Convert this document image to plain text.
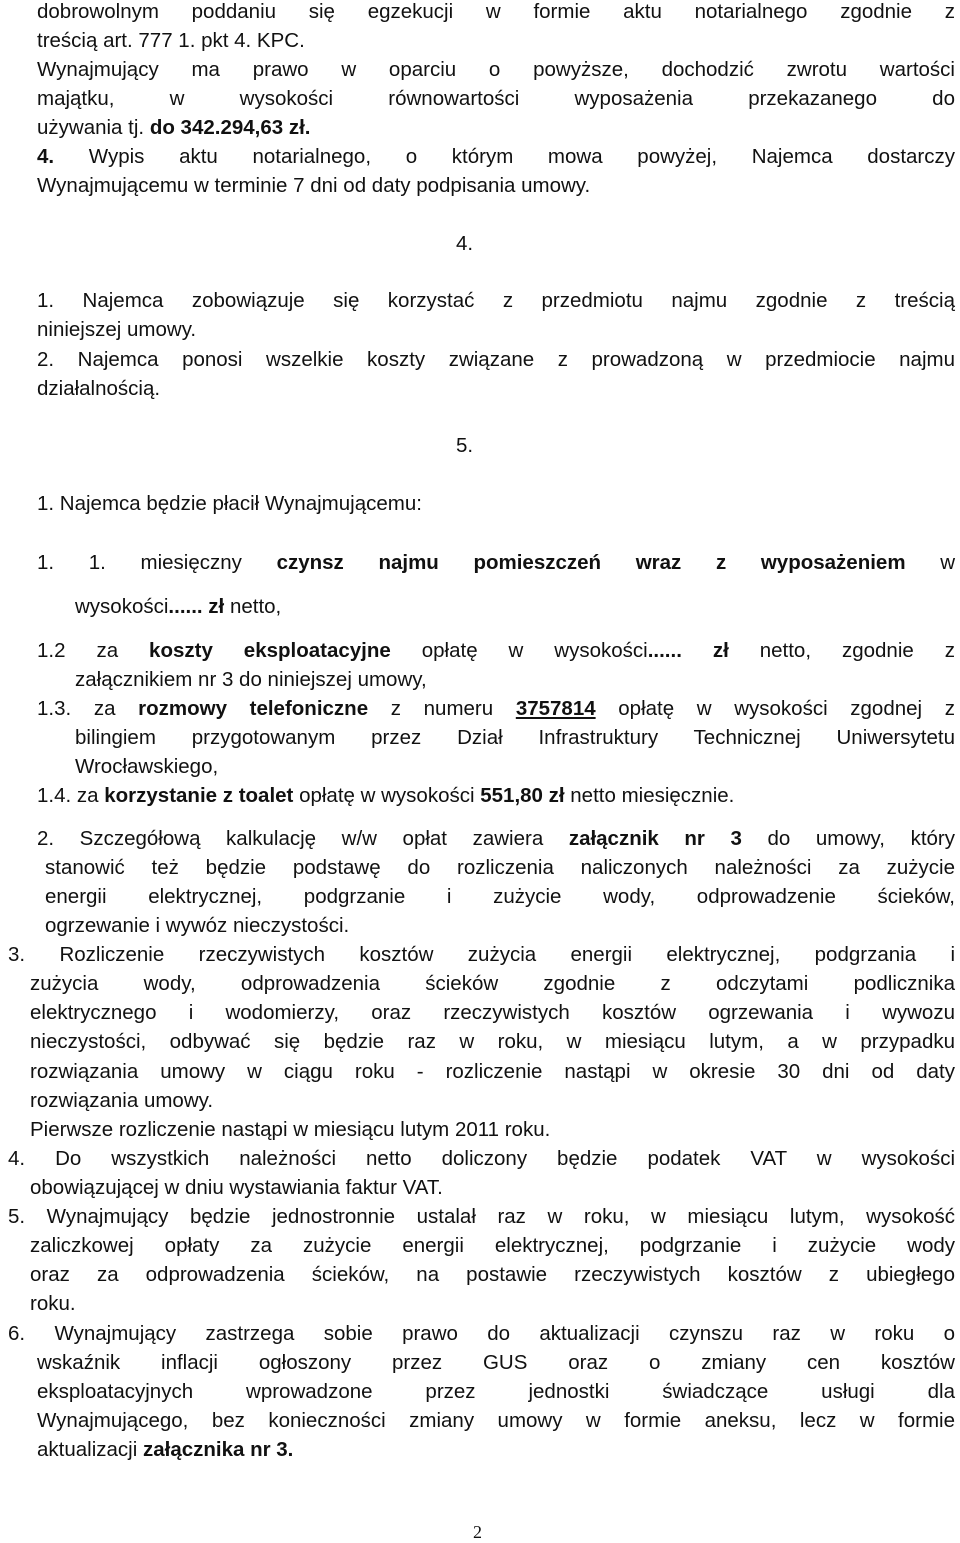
dobrowolnym poddaniu się egzekucji w formie aktu notarialnego zgodnie z
treścią art. 777 1. pkt 4. KPC.
Wynajmujący ma prawo w oparciu o powyższe, dochodzić zwrotu wartości
majątku, w wysokości równowartości wyposażenia przekazanego do
używania tj. do 342.294,63 zł.
4. Wypis aktu notarialnego, o którym mowa powyżej, Najemca dostarczy
Wynajmującemu w terminie 7 dni od daty podpisania umowy.
4.
1. Najemca zobowiązuje się korzystać z przedmiotu najmu zgodnie z treścią
niniejszej umowy.
2. Najemca ponosi wszelkie koszty związane z prowadzoną w przedmiocie najmu
działalnością.
5.
1. Najemca będzie płacił Wynajmującemu:
1. 1. miesięczny czynsz najmu pomieszczeń wraz z wyposażeniem w
wysokości...... zł netto,
1.2 za koszty eksploatacyjne opłatę w wysokości...... zł netto, zgodnie z
załącznikiem nr 3 do niniejszej umowy,
1.3. za rozmowy telefoniczne z numeru 3757814 opłatę w wysokości zgodnej z
bilingiem przygotowanym przez Dział Infrastruktury Technicznej Uniwersytetu
Wrocławskiego,
1.4. za korzystanie z toalet opłatę w wysokości 551,80 zł netto miesięcznie.
2. Szczegółową kalkulację w/w opłat zawiera załącznik nr 3 do umowy, który
stanowić też będzie podstawę do rozliczenia naliczonych należności za zużycie
energii elektrycznej, podgrzanie i zużycie wody, odprowadzenie ścieków,
ogrzewanie i wywóz nieczystości.
3. Rozliczenie rzeczywistych kosztów zużycia energii elektrycznej, podgrzania i
zużycia wody, odprowadzenia ścieków zgodnie z odczytami podlicznika
elektrycznego i wodomierzy, oraz rzeczywistych kosztów ogrzewania i wywozu
nieczystości, odbywać się będzie raz w roku, w miesiącu lutym, a w przypadku
rozwiązania umowy w ciągu roku - rozliczenie nastąpi w okresie 30 dni od daty
rozwiązania umowy.
Pierwsze rozliczenie nastąpi w miesiącu lutym 2011 roku.
4. Do wszystkich należności netto doliczony będzie podatek VAT w wysokości
obowiązującej w dniu wystawiania faktur VAT.
5. Wynajmujący będzie jednostronnie ustalał raz w roku, w miesiącu lutym, wysokość
zaliczkowej opłaty za zużycie energii elektrycznej, podgrzanie i zużycie wody
oraz za odprowadzenia ścieków, na postawie rzeczywistych kosztów z ubiegłego
roku.
6. Wynajmujący zastrzega sobie prawo do aktualizacji czynszu raz w roku o
wskaźnik inflacji ogłoszony przez GUS oraz o zmiany cen kosztów
eksploatacyjnych wprowadzone przez jednostki świadczące usługi dla
Wynajmującego, bez konieczności zmiany umowy w formie aneksu, lecz w formie
aktualizacji załącznika nr 3.
2
